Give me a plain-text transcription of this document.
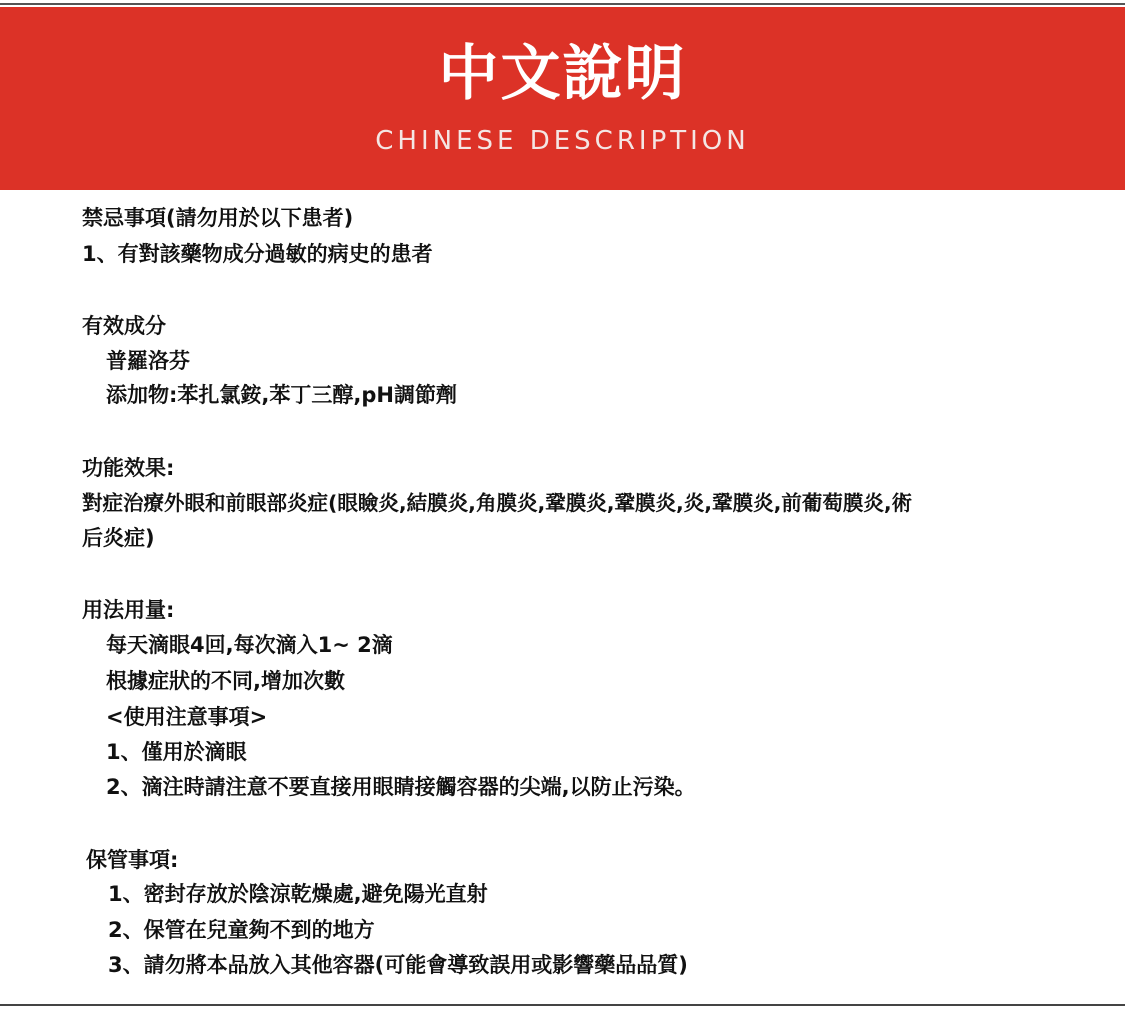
中文說明
CHINESE DESCRIPTION
禁忌事項(請勿用於以下患者)
1、有對該藥物成分過敏的病史的患者
有效成分
普羅洛芬
添加物:苯扎氯銨,苯丁三醇,pH調節劑
功能效果:
對症治療外眼和前眼部炎症(眼瞼炎,結膜炎,角膜炎,鞏膜炎,鞏膜炎,炎,鞏膜炎,前葡萄膜炎,術
后炎症)
用法用量:
每天滴眼4回,每次滴入1~ 2滴
根據症狀的不同,增加次數
<使用注意事項>
1、僅用於滴眼
2、滴注時請注意不要直接用眼睛接觸容器的尖端,以防止污染。
保管事項:
1、密封存放於陰涼乾燥處,避免陽光直射
2、保管在兒童夠不到的地方
3、請勿將本品放入其他容器(可能會導致誤用或影響藥品品質)
